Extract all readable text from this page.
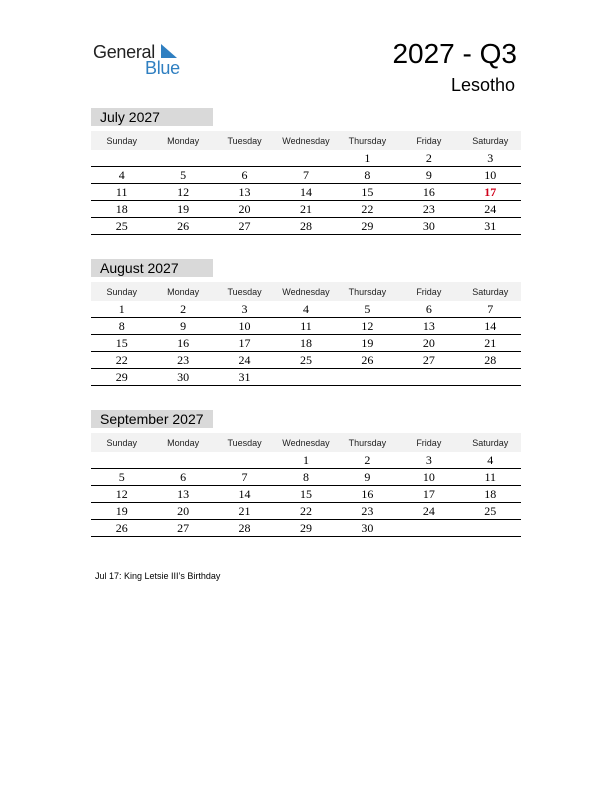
General
Blue	2027 - Q3
Lesotho
July 2027
Sunday	Monday	Tuesday	Wednesday	Thursday	Friday	Saturday
				1	2	3
4	5	6	7	8	9	10
11	12	13	14	15	16	17
18	19	20	21	22	23	24
25	26	27	28	29	30	31
August 2027
Sunday	Monday	Tuesday	Wednesday	Thursday	Friday	Saturday
1	2	3	4	5	6	7
8	9	10	11	12	13	14
15	16	17	18	19	20	21
22	23	24	25	26	27	28
29	30	31				
September 2027
Sunday	Monday	Tuesday	Wednesday	Thursday	Friday	Saturday
			1	2	3	4
5	6	7	8	9	10	11
12	13	14	15	16	17	18
19	20	21	22	23	24	25
26	27	28	29	30		
Jul 17: King Letsie III’s Birthday
